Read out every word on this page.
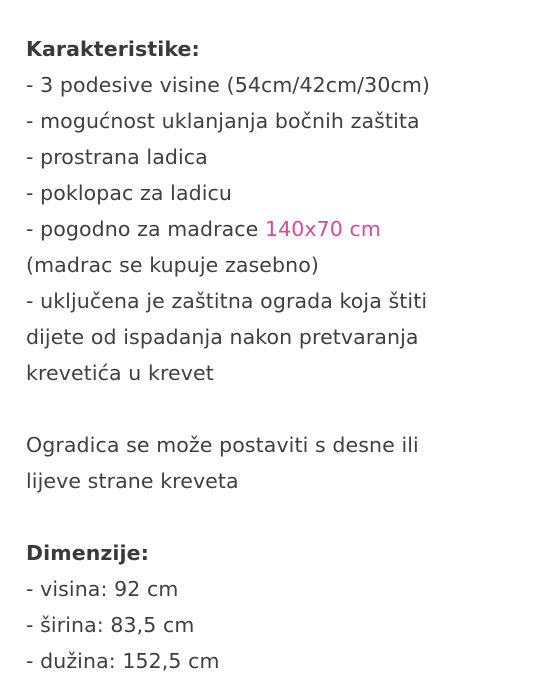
Karakteristike:
- 3 podesive visine (54cm/42cm/30cm)
- mogućnost uklanjanja bočnih zaštita
- prostrana ladica
- poklopac za ladicu
- pogodno za madrace 140x70 cm
(madrac se kupuje zasebno)
- uključena je zaštitna ograda koja štiti
dijete od ispadanja nakon pretvaranja
krevetića u krevet
Ogradica se može postaviti s desne ili
lijeve strane kreveta
Dimenzije:
- visina: 92 cm
- širina: 83,5 cm
- dužina: 152,5 cm
